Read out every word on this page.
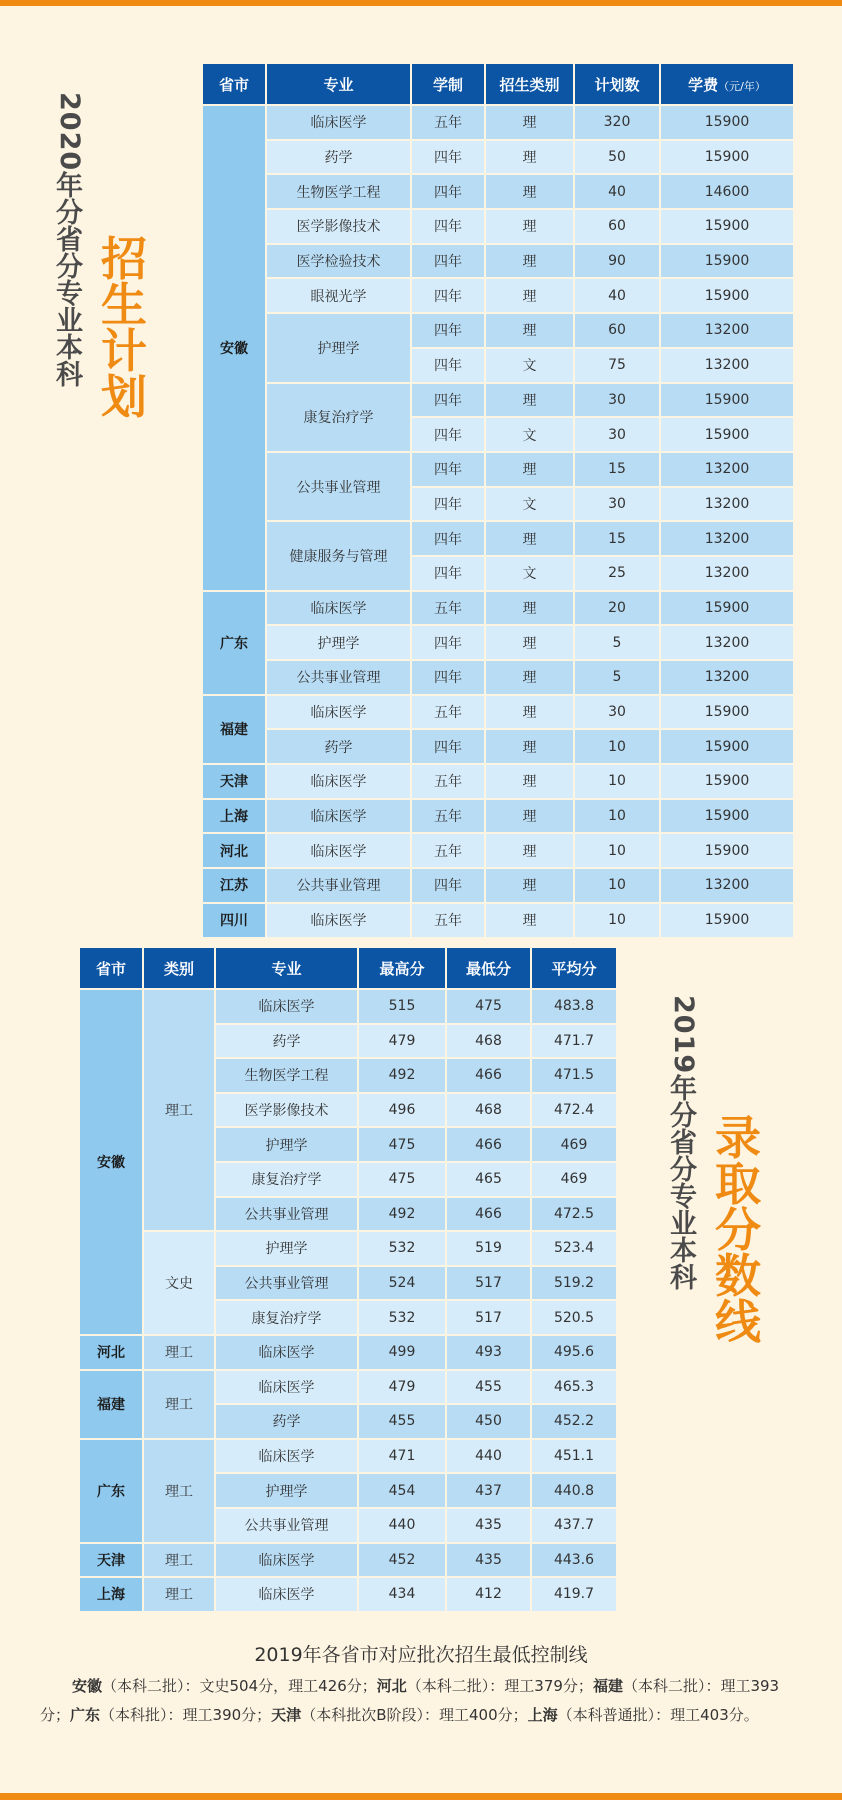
2020
年
分
省
分
专
业
本
科
招
生
计
划
省市	专业	学制	招生类别	计划数	学费（元/年）
安徽	临床医学	五年	理	320	15900
	药学	四年	理	50	15900
	生物医学工程	四年	理	40	14600
	医学影像技术	四年	理	60	15900
	医学检验技术	四年	理	90	15900
	眼视光学	四年	理	40	15900
	护理学	四年	理	60	13200
		四年	文	75	13200
	康复治疗学	四年	理	30	15900
		四年	文	30	15900
	公共事业管理	四年	理	15	13200
		四年	文	30	13200
	健康服务与管理	四年	理	15	13200
		四年	文	25	13200
广东	临床医学	五年	理	20	15900
	护理学	四年	理	5	13200
	公共事业管理	四年	理	5	13200
福建	临床医学	五年	理	30	15900
	药学	四年	理	10	15900
天津	临床医学	五年	理	10	15900
上海	临床医学	五年	理	10	15900
河北	临床医学	五年	理	10	15900
江苏	公共事业管理	四年	理	10	13200
四川	临床医学	五年	理	10	15900
省市	类别	专业	最高分	最低分	平均分
安徽	理工	临床医学	515	475	483.8
		药学	479	468	471.7
		生物医学工程	492	466	471.5
		医学影像技术	496	468	472.4
		护理学	475	466	469
		康复治疗学	475	465	469
		公共事业管理	492	466	472.5
	文史	护理学	532	519	523.4
		公共事业管理	524	517	519.2
		康复治疗学	532	517	520.5
河北	理工	临床医学	499	493	495.6
福建	理工	临床医学	479	455	465.3
		药学	455	450	452.2
广东	理工	临床医学	471	440	451.1
		护理学	454	437	440.8
		公共事业管理	440	435	437.7
天津	理工	临床医学	452	435	443.6
上海	理工	临床医学	434	412	419.7
2019
年
分
省
分
专
业
本
科
录
取
分
数
线
2019年各省市对应批次招生最低控制线
安徽（本科二批）：文史504分，理工426分；河北（本科二批）：理工379分；福建（本科二批）：理工393分；广东（本科批）：理工390分；天津（本科批次B阶段）：理工400分；上海（本科普通批）：理工403分。
